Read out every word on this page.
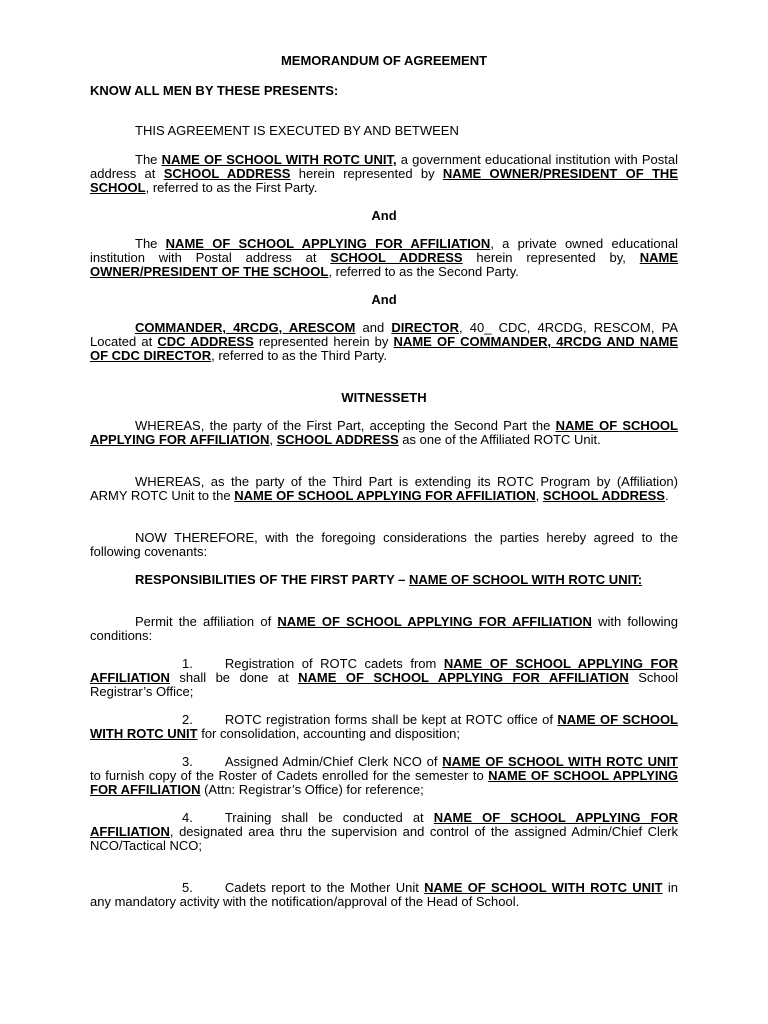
MEMORANDUM OF AGREEMENT

KNOW ALL MEN BY THESE PRESENTS:

THIS AGREEMENT IS EXECUTED BY AND BETWEEN

The NAME OF SCHOOL WITH ROTC UNIT, a government educational institution with Postal address at SCHOOL ADDRESS herein represented by NAME OWNER/PRESIDENT OF THE SCHOOL, referred to as the First Party.

And

The NAME OF SCHOOL APPLYING FOR AFFILIATION, a private owned educational institution with Postal address at SCHOOL ADDRESS herein represented by, NAME OWNER/PRESIDENT OF THE SCHOOL, referred to as the Second Party.

And

COMMANDER, 4RCDG, ARESCOM and DIRECTOR, 40_ CDC, 4RCDG, RESCOM, PA Located at CDC ADDRESS represented herein by NAME OF COMMANDER, 4RCDG AND NAME OF CDC DIRECTOR, referred to as the Third Party.

WITNESSETH

WHEREAS, the party of the First Part, accepting the Second Part the NAME OF SCHOOL APPLYING FOR AFFILIATION, SCHOOL ADDRESS as one of the Affiliated ROTC Unit.

WHEREAS, as the party of the Third Part is extending its ROTC Program by (Affiliation) ARMY ROTC Unit to the NAME OF SCHOOL APPLYING FOR AFFILIATION, SCHOOL ADDRESS.

NOW THEREFORE, with the foregoing considerations the parties hereby agreed to the following covenants:

RESPONSIBILITIES OF THE FIRST PARTY – NAME OF SCHOOL WITH ROTC UNIT:

Permit the affiliation of NAME OF SCHOOL APPLYING FOR AFFILIATION with following conditions:

1. Registration of ROTC cadets from NAME OF SCHOOL APPLYING FOR AFFILIATION shall be done at NAME OF SCHOOL APPLYING FOR AFFILIATION School Registrar’s Office;

2. ROTC registration forms shall be kept at ROTC office of NAME OF SCHOOL WITH ROTC UNIT for consolidation, accounting and disposition;

3. Assigned Admin/Chief Clerk NCO of NAME OF SCHOOL WITH ROTC UNIT to furnish copy of the Roster of Cadets enrolled for the semester to NAME OF SCHOOL APPLYING FOR AFFILIATION (Attn: Registrar’s Office) for reference;

4. Training shall be conducted at NAME OF SCHOOL APPLYING FOR AFFILIATION, designated area thru the supervision and control of the assigned Admin/Chief Clerk NCO/Tactical NCO;

5. Cadets report to the Mother Unit NAME OF SCHOOL WITH ROTC UNIT in any mandatory activity with the notification/approval of the Head of School.
